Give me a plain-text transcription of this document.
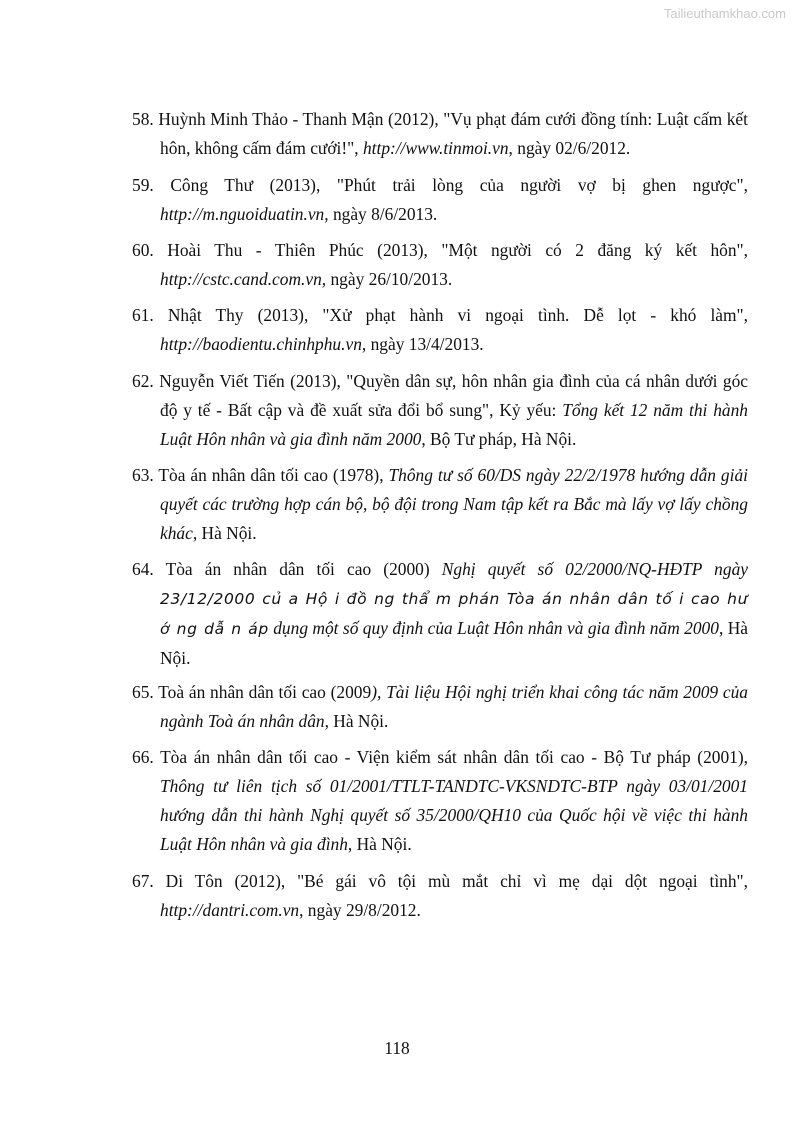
Tailieuthamkhao.com
58. Huỳnh Minh Thảo - Thanh Mận (2012), "Vụ phạt đám cưới đồng tính: Luật cấm kết hôn, không cấm đám cưới!", http://www.tinmoi.vn, ngày 02/6/2012.
59. Công Thư (2013), "Phút trải lòng của người vợ bị ghen ngược", http://m.nguoiduatin.vn, ngày 8/6/2013.
60. Hoài Thu - Thiên Phúc (2013), "Một người có 2 đăng ký kết hôn", http://cstc.cand.com.vn, ngày 26/10/2013.
61. Nhật Thy (2013), "Xử phạt hành vi ngoại tình. Dễ lọt - khó làm", http://baodientu.chinhphu.vn, ngày 13/4/2013.
62. Nguyễn Viết Tiến (2013), "Quyền dân sự, hôn nhân gia đình của cá nhân dưới góc độ y tế - Bất cập và đề xuất sửa đổi bổ sung", Kỷ yếu: Tổng kết 12 năm thi hành Luật Hôn nhân và gia đình năm 2000, Bộ Tư pháp, Hà Nội.
63. Tòa án nhân dân tối cao (1978), Thông tư số 60/DS ngày 22/2/1978 hướng dẫn giải quyết các trường hợp cán bộ, bộ đội trong Nam tập kết ra Bắc mà lấy vợ lấy chồng khác, Hà Nội.
64. Tòa án nhân dân tối cao (2000) Nghị quyết số 02/2000/NQ-HĐTP ngày 23/12/2000 củ a Hộ i đồ ng thẩ m phán Tòa án nhân dân tố i cao hư ớ ng dẫ n áp dụng một số quy định của Luật Hôn nhân và gia đình năm 2000, Hà Nội.
65. Toà án nhân dân tối cao (2009), Tài liệu Hội nghị triển khai công tác năm 2009 của ngành Toà án nhân dân, Hà Nội.
66. Tòa án nhân dân tối cao - Viện kiểm sát nhân dân tối cao - Bộ Tư pháp (2001), Thông tư liên tịch số 01/2001/TTLT-TANDTC-VKSNDTC-BTP ngày 03/01/2001 hướng dẫn thi hành Nghị quyết số 35/2000/QH10 của Quốc hội về việc thi hành Luật Hôn nhân và gia đình, Hà Nội.
67. Di Tôn (2012), "Bé gái vô tội mù mắt chỉ vì mẹ dại dột ngoại tình", http://dantri.com.vn, ngày 29/8/2012.
118
